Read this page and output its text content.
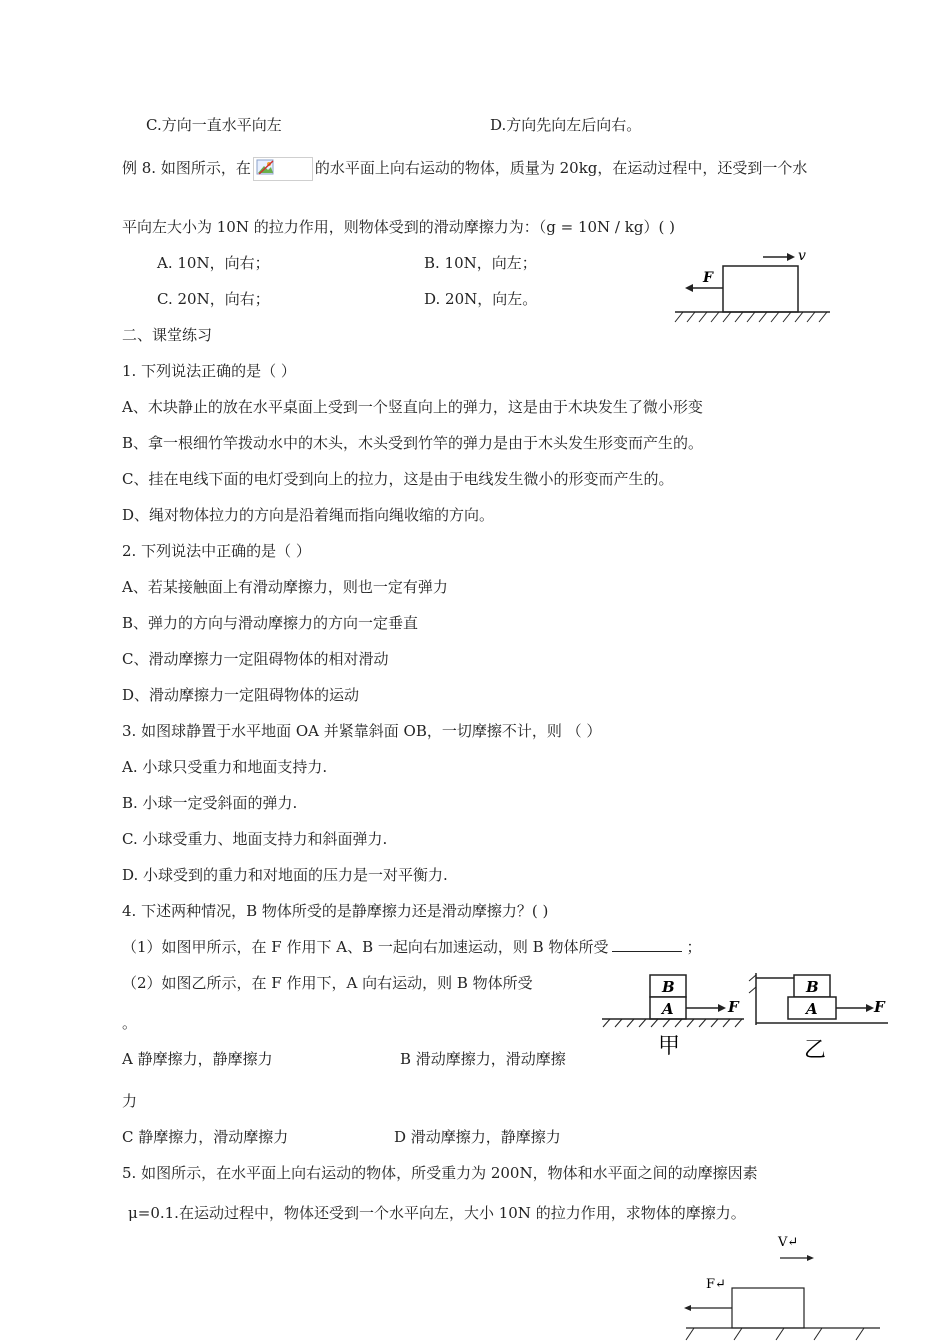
C.方向一直水平向左	D.方向先向左后向右。
例 8. 如图所示，在	的水平面上向右运动的物体，质量为 20kg，在运动过程中，还受到一个水
平向左大小为 10N 的拉力作用，则物体受到的滑动摩擦力为：（g = 10N / kg）( )
A. 10N，向右；	B. 10N，向左；
C. 20N，向右；	D. 20N，向左。
F
v
二、课堂练习
1. 下列说法正确的是（ ）
A、木块静止的放在水平桌面上受到一个竖直向上的弹力，这是由于木块发生了微小形变
B、拿一根细竹竿拨动水中的木头，木头受到竹竿的弹力是由于木头发生形变而产生的。
C、挂在电线下面的电灯受到向上的拉力，这是由于电线发生微小的形变而产生的。
D、绳对物体拉力的方向是沿着绳而指向绳收缩的方向。
2. 下列说法中正确的是（ ）
A、若某接触面上有滑动摩擦力，则也一定有弹力
B、弹力的方向与滑动摩擦力的方向一定垂直
C、滑动摩擦力一定阻碍物体的相对滑动
D、滑动摩擦力一定阻碍物体的运动
3. 如图球静置于水平地面 OA 并紧靠斜面 OB，一切摩擦不计，则 （ ）
A. 小球只受重力和地面支持力.
B. 小球一定受斜面的弹力.
C. 小球受重力、地面支持力和斜面弹力.
D. 小球受到的重力和对地面的压力是一对平衡力.
4. 下述两种情况，B 物体所受的是静摩擦力还是滑动摩擦力？( )
（1）如图甲所示，在 F 作用下 A、B 一起向右加速运动，则 B 物体所受	；
（2）如图乙所示，在 F 作用下，A 向右运动，则 B 物体所受
。
A 静摩擦力，静摩擦力	B 滑动摩擦力，滑动摩擦
力
C 静摩擦力，滑动摩擦力	D 滑动摩擦力，静摩擦力
B
A	F
甲
B
A	F
乙
5. 如图所示，在水平面上向右运动的物体，所受重力为 200N，物体和水平面之间的动摩擦因素
μ=0.1.在运动过程中，物体还受到一个水平向左，大小 10N 的拉力作用，求物体的摩擦力。
V↵
F↵
